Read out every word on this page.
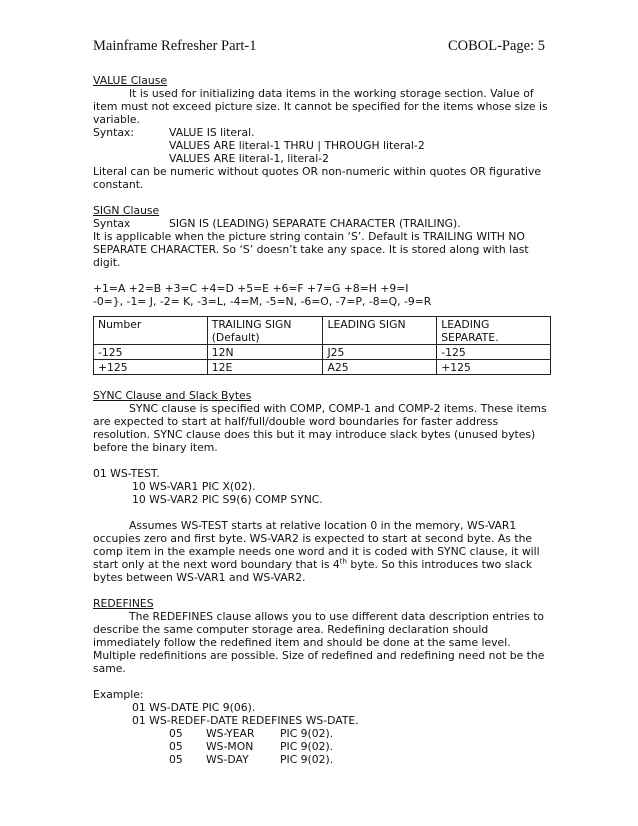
Mainframe Refresher Part-1	COBOL-Page: 5

VALUE Clause

It is used for initializing data items in the working storage section. Value of item must not exceed picture size. It cannot be specified for the items whose size is variable.

Syntax:	VALUE IS literal.

VALUES ARE literal-1 THRU | THROUGH literal-2

VALUES ARE literal-1, literal-2

Literal can be numeric without quotes OR non-numeric within quotes OR figurative constant.

SIGN Clause

Syntax	SIGN IS (LEADING) SEPARATE CHARACTER (TRAILING).

It is applicable when the picture string contain ‘S’. Default is TRAILING WITH NO SEPARATE CHARACTER. So ‘S’ doesn’t take any space. It is stored along with last digit.

+1=A +2=B +3=C +4=D +5=E +6=F +7=G +8=H +9=I

-0=}, -1= J, -2= K, -3=L, -4=M, -5=N, -6=O, -7=P, -8=Q, -9=R

Number	TRAILING SIGN (Default)	LEADING SIGN	LEADING SEPARATE.
-125	12N	J25	-125
+125	12E	A25	+125

SYNC Clause and Slack Bytes

SYNC clause is specified with COMP, COMP-1 and COMP-2 items. These items are expected to start at half/full/double word boundaries for faster address resolution. SYNC clause does this but it may introduce slack bytes (unused bytes) before the binary item.

01 WS-TEST.

10 WS-VAR1 PIC X(02).

10 WS-VAR2 PIC S9(6) COMP SYNC.

Assumes WS-TEST starts at relative location 0 in the memory, WS-VAR1 occupies zero and first byte. WS-VAR2 is expected to start at second byte. As the comp item in the example needs one word and it is coded with SYNC clause, it will start only at the next word boundary that is 4th byte. So this introduces two slack bytes between WS-VAR1 and WS-VAR2.

REDEFINES

The REDEFINES clause allows you to use different data description entries to describe the same computer storage area. Redefining declaration should immediately follow the redefined item and should be done at the same level. Multiple redefinitions are possible. Size of redefined and redefining need not be the same.

Example:

01 WS-DATE PIC 9(06).

01 WS-REDEF-DATE REDEFINES WS-DATE.

05	WS-YEAR	PIC 9(02).
05	WS-MON	PIC 9(02).
05	WS-DAY	PIC 9(02).
